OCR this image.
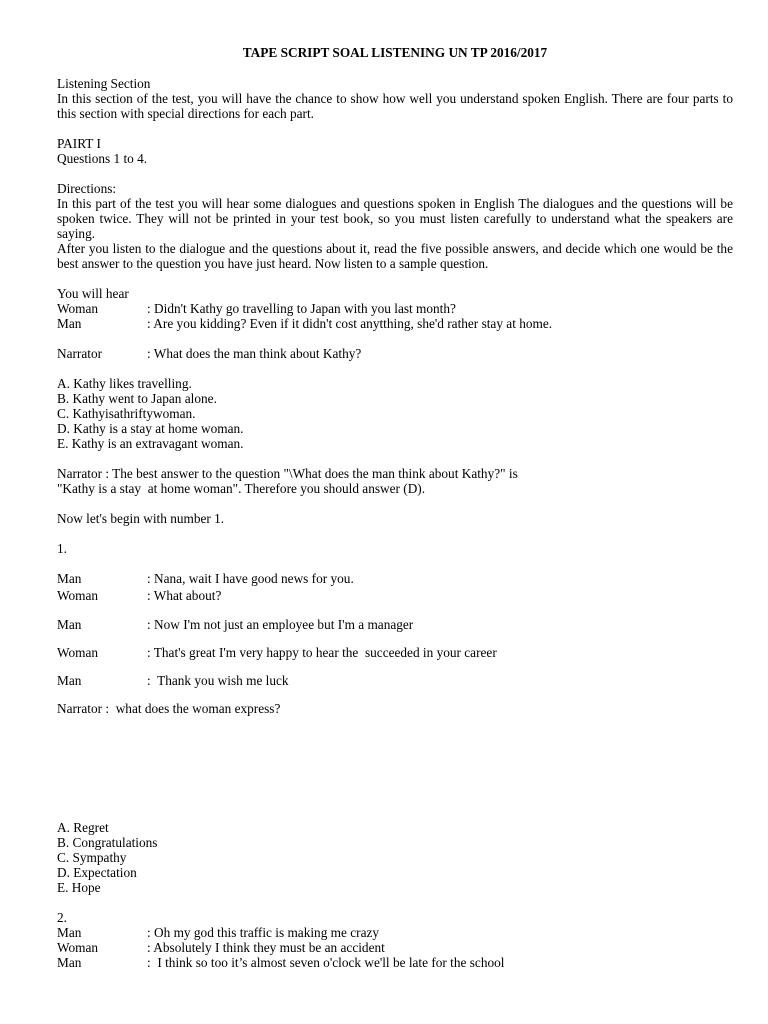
TAPE SCRIPT SOAL LISTENING UN TP 2016/2017

Listening Section

In this section of the test, you will have the chance to show how well you understand spoken English. There are four parts to this section with special directions for each part.

PAIRT I

Questions 1 to 4.

Directions:

In this part of the test you will hear some dialogues and questions spoken in English The dialogues and the questions will be spoken twice. They will not be printed in your test book, so you must listen carefully to understand what the speakers are saying.

After you listen to the dialogue and the questions about it, read the five possible answers, and decide which one would be the best answer to the question you have just heard. Now listen to a sample question.

You will hear

Woman	: Didn't Kathy go travelling to Japan with you last month?
Man	: Are you kidding? Even if it didn't cost anytthing, she'd rather stay at home.
Narrator	: What does the man think about Kathy?

A. Kathy likes travelling.

B. Kathy went to Japan alone.

C. Kathyisathriftywoman.

D. Kathy is a stay at home woman.

E. Kathy is an extravagant woman.

Narrator : The best answer to the question "\What does the man think about Kathy?" is

"Kathy is a stay  at home woman". Therefore you should answer (D).

Now let's begin with number 1.

1.

Man	: Nana, wait I have good news for you.
Woman	: What about?
Man	: Now I'm not just an employee but I'm a manager
Woman	: That's great I'm very happy to hear the  succeeded in your career
Man	:  Thank you wish me luck

Narrator :  what does the woman express?

A. Regret

B. Congratulations

C. Sympathy

D. Expectation

E. Hope

2.

Man	: Oh my god this traffic is making me crazy
Woman	: Absolutely I think they must be an accident
Man	:  I think so too it’s almost seven o'clock we'll be late for the school
